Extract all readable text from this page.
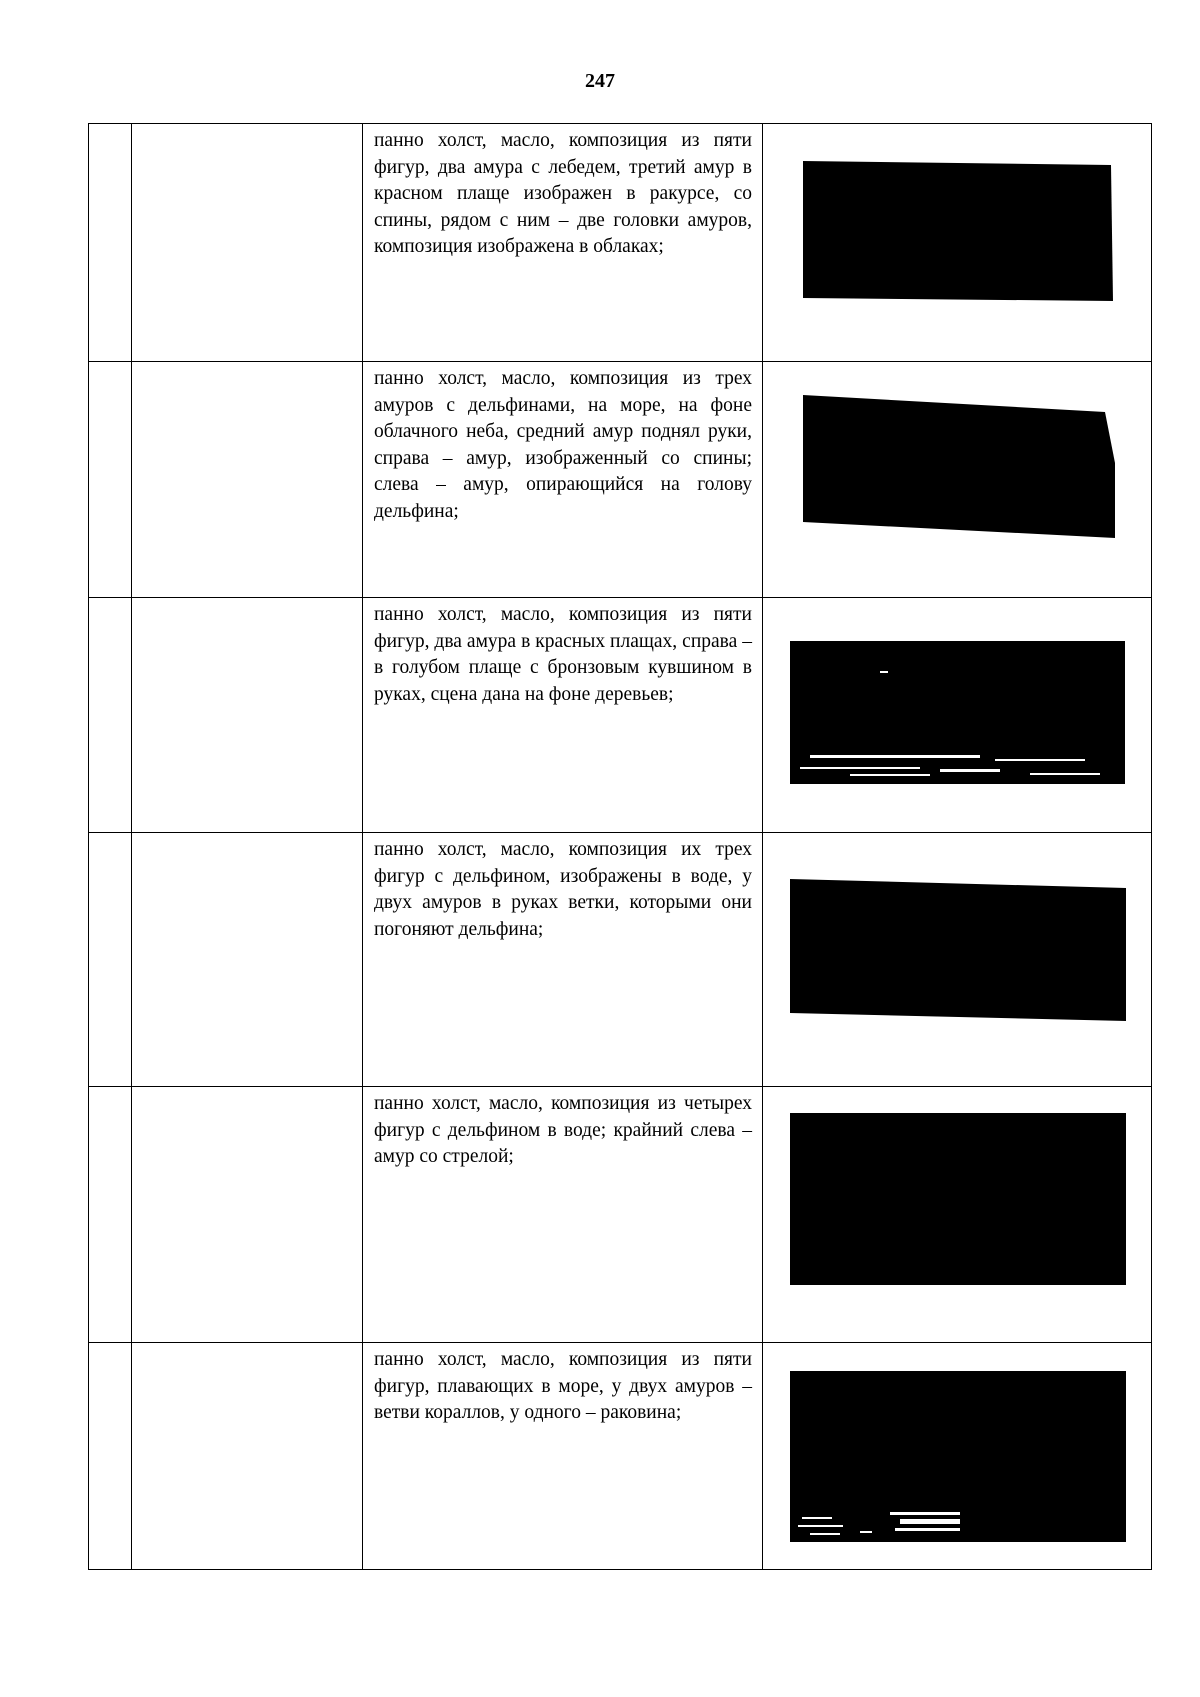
247

		панно холст, масло, композиция из пяти фигур, два амура с лебедем, третий амур в красном плаще изображен в ракурсе, со спины, рядом с ним – две головки амуров, композиция изображена в облаках;

		панно холст, масло, композиция из трех амуров с дельфинами, на море, на фоне облачного неба, средний амур поднял руки, справа – амур, изображенный со спины; слева – амур, опирающийся на голову дельфина;

		панно холст, масло, композиция из пяти фигур, два амура в красных плащах, справа – в голубом плаще с бронзовым кувшином в руках, сцена дана на фоне деревьев;

		панно холст, масло, композиция их трех фигур с дельфином, изображены в воде, у двух амуров в руках ветки, которыми они погоняют дельфина;

		панно холст, масло, композиция из четырех фигур с дельфином в воде; крайний слева – амур со стрелой;

		панно холст, масло, композиция из пяти фигур, плавающих в море, у двух амуров – ветви кораллов, у одного – раковина;
